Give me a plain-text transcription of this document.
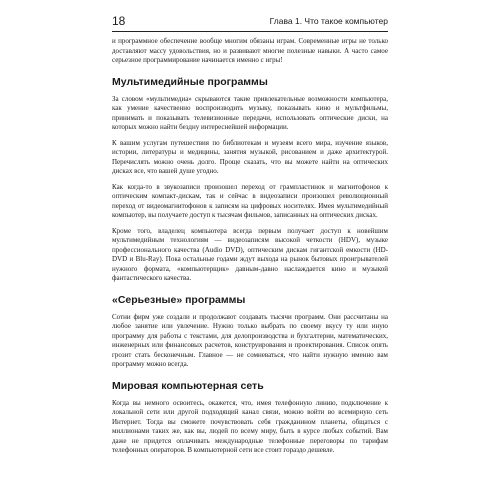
18	Глава 1. Что такое компьютер

и программное обеспечение вообще многим обязаны играм. Современные игры не только доставляют массу удовольствия, но и развивают многие полезные навыки. А часто самое серьезное программирование начинается именно с игры!

Мультимедийные программы

За словом «мультимедиа» скрываются такие привлекательные возможности компьютера, как умение качественно воспроизводить музыку, показывать кино и мультфильмы, принимать и показывать телевизионные передачи, использовать оптические диски, на которых можно найти бездну интереснейшей информации.

К вашим услугам путешествия по библиотекам и музеям всего мира, изучение языков, истории, литературы и медицины, занятия музыкой, рисованием и даже архитектурой. Перечислять можно очень долго. Проще сказать, что вы можете найти на оптических дисках все, что вашей душе угодно.

Как когда-то в звукозаписи произошел переход от грампластинок и магнитофонов к оптическим компакт-дискам, так и сейчас в видеозаписи произошел революционный переход от видеомагнитофонов к записям на цифровых носителях. Имея мультимедийный компьютер, вы получаете доступ к тысячам фильмов, записанных на оптических дисках.

Кроме того, владелец компьютера всегда первым получает доступ к новейшим мультимедийным технологиям — видеозаписям высокой четкости (HDV), музыке профессионального качества (Audio DVD), оптическим дискам гигантской емкости (HD-DVD и Blu-Ray). Пока остальные годами ждут выхода на рынок бытовых проигрывателей нужного формата, «компьютерщик» давным-давно наслаждается кино и музыкой фантастического качества.

«Серьезные» программы

Сотни фирм уже создали и продолжают создавать тысячи программ. Они рассчитаны на любое занятие или увлечение. Нужно только выбрать по своему вкусу ту или иную программу для работы с текстами, для делопроизводства и бухгалтерии, математических, инженерных или финансовых расчетов, конструирования и проектирования. Список опять грозит стать бесконечным. Главное — не сомневаться, что найти нужную именно вам программу можно всегда.

Мировая компьютерная сеть

Когда вы немного освоитесь, окажется, что, имея телефонную линию, подключение к локальной сети или другой подходящий канал связи, можно войти во всемирную сеть Интернет. Тогда вы сможете почувствовать себя гражданином планеты, общаться с миллионами таких же, как вы, людей по всему миру, быть в курсе любых событий. Вам даже не придется оплачивать международные телефонные переговоры по тарифам телефонных операторов. В компьютерной сети все стоит гораздо дешевле.
